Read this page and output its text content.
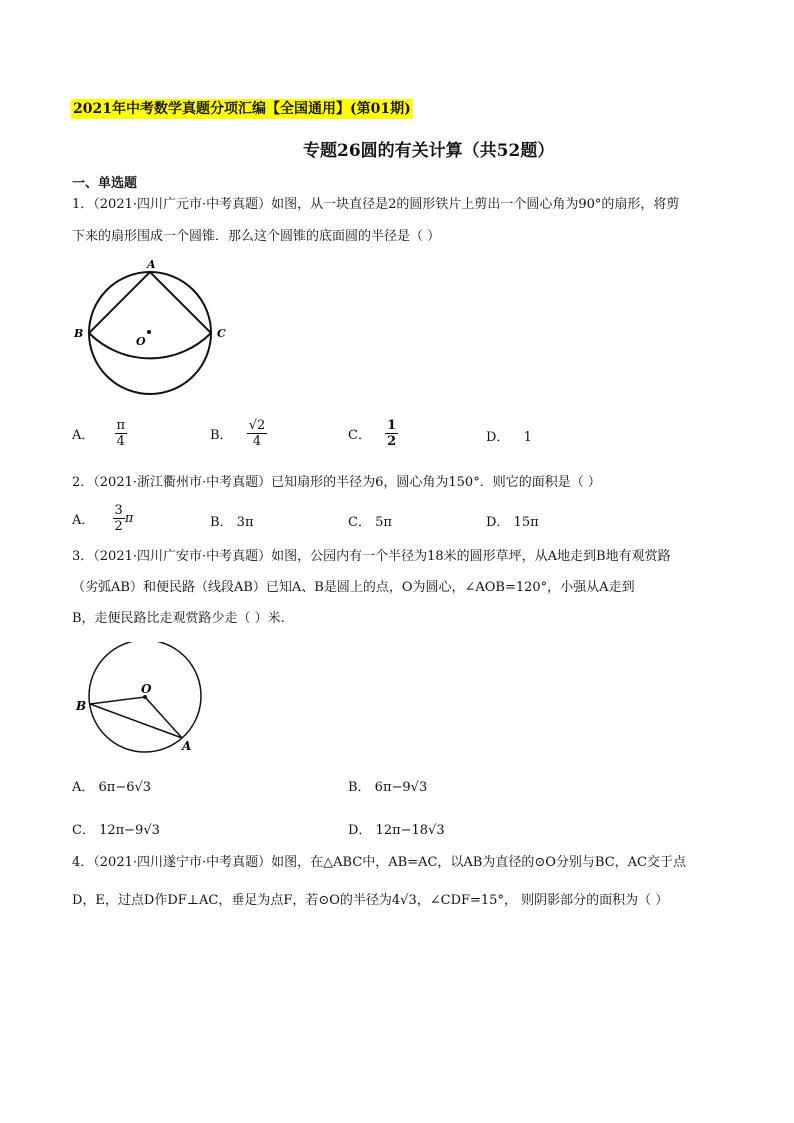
2021年中考数学真题分项汇编【全国通用】(第01期)
专题26圆的有关计算（共52题）
一、单选题
1．（2021·四川广元市·中考真题）如图，从一块直径是2的圆形铁片上剪出一个圆心角为90°的扇形，将剪
下来的扇形围成一个圆锥．那么这个圆锥的底面圆的半径是（ ）
A
B	C
O
A． $\frac{\pi}{4}$	B． $\frac{√2}{4}$	C． $\frac{1}{2}$	D． 1
2．（2021·浙江衢州市·中考真题）已知扇形的半径为6，圆心角为150°．则它的面积是（ ）
A． $\frac{3}{2}$ π	B． 3π	C． 5π	D． 15π
3．（2021·四川广安市·中考真题）如图，公园内有一个半径为18米的圆形草坪，从A地走到B地有观赏路
（劣弧AB）和便民路（线段AB）已知A、B是圆上的点，O为圆心，∠AOB=120°，小强从A走到
B，走便民路比走观赏路少走（ ）米.
O
B
A
A． 6π−6√3	B． 6π−9√3
C． 12π−9√3	D． 12π−18√3
4．（2021·四川遂宁市·中考真题）如图，在△ABC中，AB=AC，以AB为直径的⊙O分别与BC，AC交于点
D，E，过点D作DF⊥AC，垂足为点F，若⊙O的半径为4√3，∠CDF=15°， 则阴影部分的面积为（ ）
